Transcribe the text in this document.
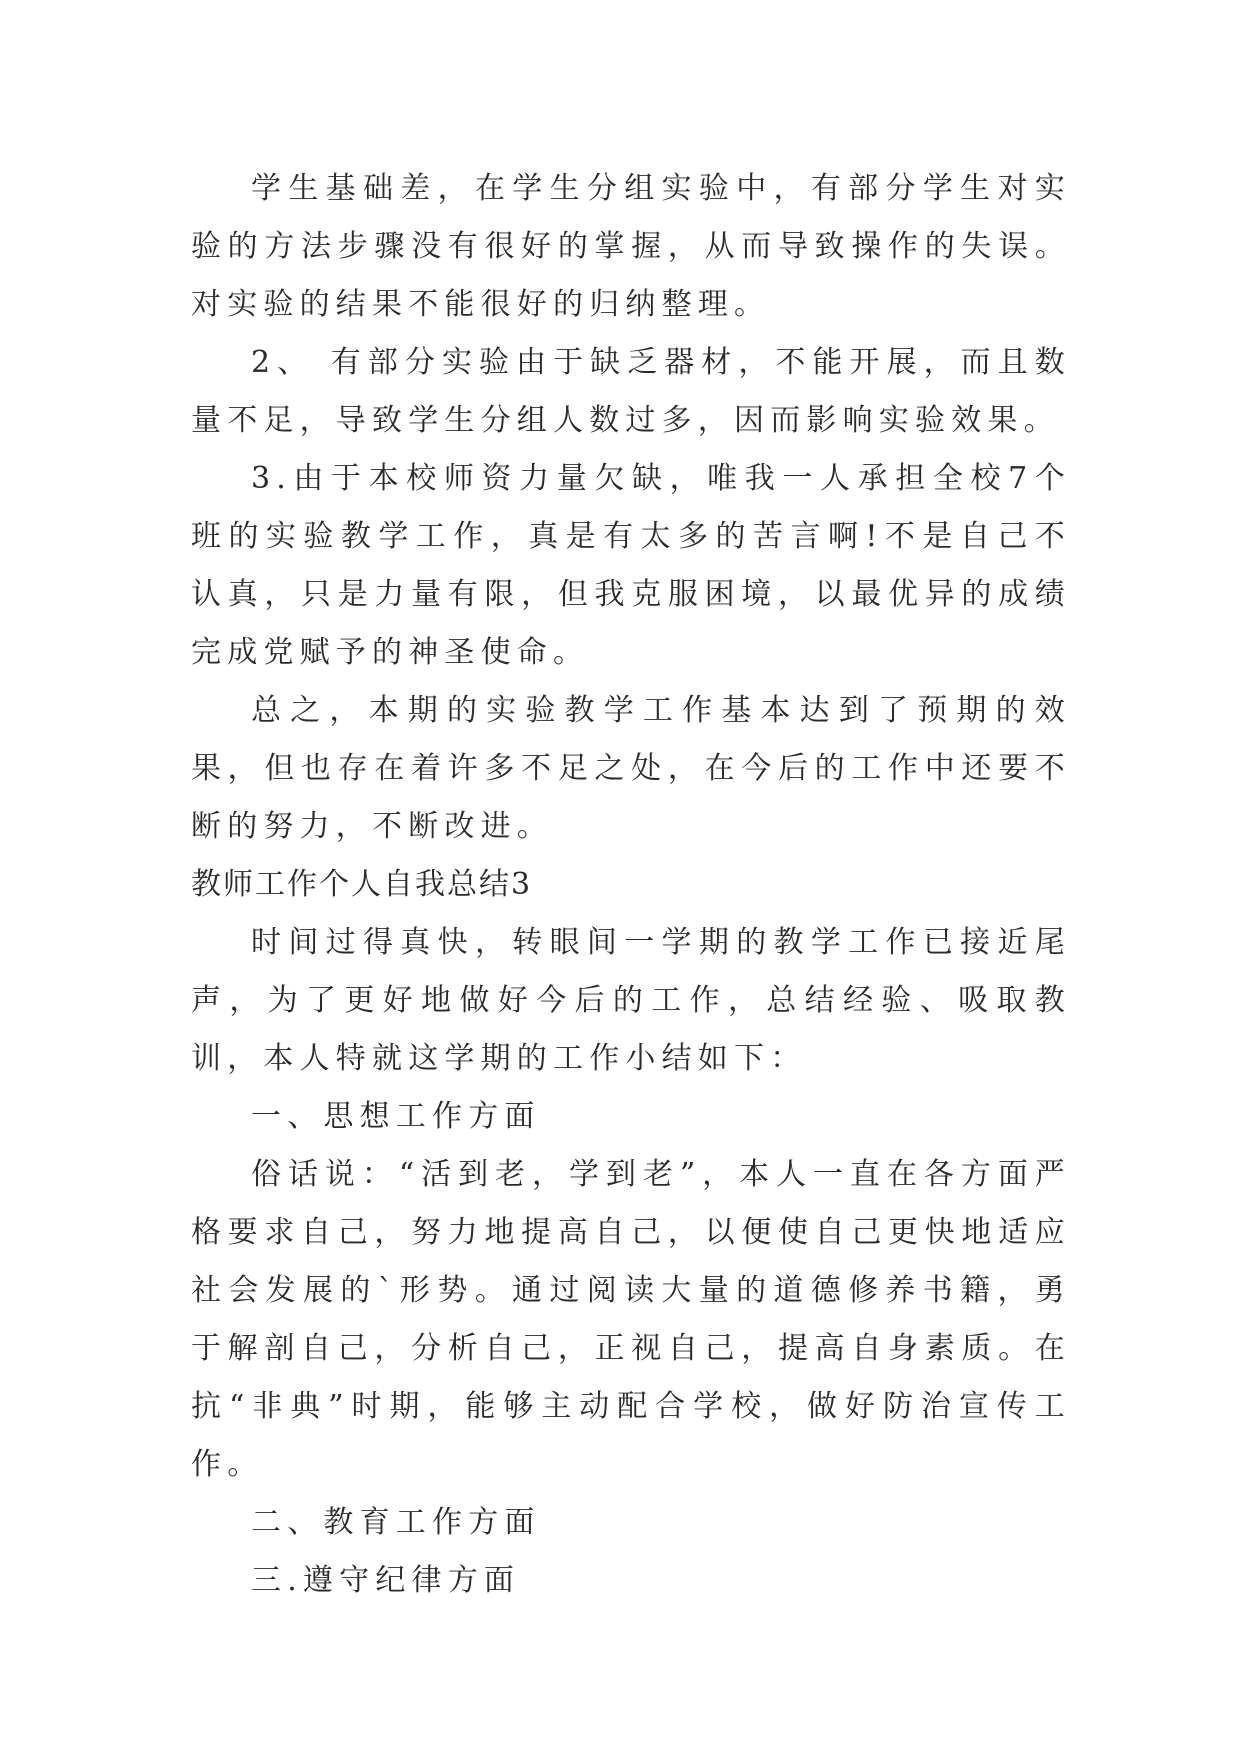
学生基础差，在学生分组实验中，有部分学生对实验的方法步骤没有很好的掌握，从而导致操作的失误。对实验的结果不能很好的归纳整理。

2、 有部分实验由于缺乏器材，不能开展，而且数量不足，导致学生分组人数过多，因而影响实验效果。

3.由于本校师资力量欠缺，唯我一人承担全校7个班的实验教学工作，真是有太多的苦言啊!不是自己不认真，只是力量有限，但我克服困境，以最优异的成绩完成党赋予的神圣使命。

总之，本期的实验教学工作基本达到了预期的效果，但也存在着许多不足之处，在今后的工作中还要不断的努力，不断改进。

教师工作个人自我总结3

时间过得真快，转眼间一学期的教学工作已接近尾声，为了更好地做好今后的工作，总结经验、吸取教训，本人特就这学期的工作小结如下：

一、思想工作方面

俗话说：“活到老，学到老”，本人一直在各方面严格要求自己，努力地提高自己，以便使自己更快地适应社会发展的`形势。通过阅读大量的道德修养书籍，勇于解剖自己，分析自己，正视自己，提高自身素质。在抗“非典”时期，能够主动配合学校，做好防治宣传工作。

二、教育工作方面

三.遵守纪律方面
